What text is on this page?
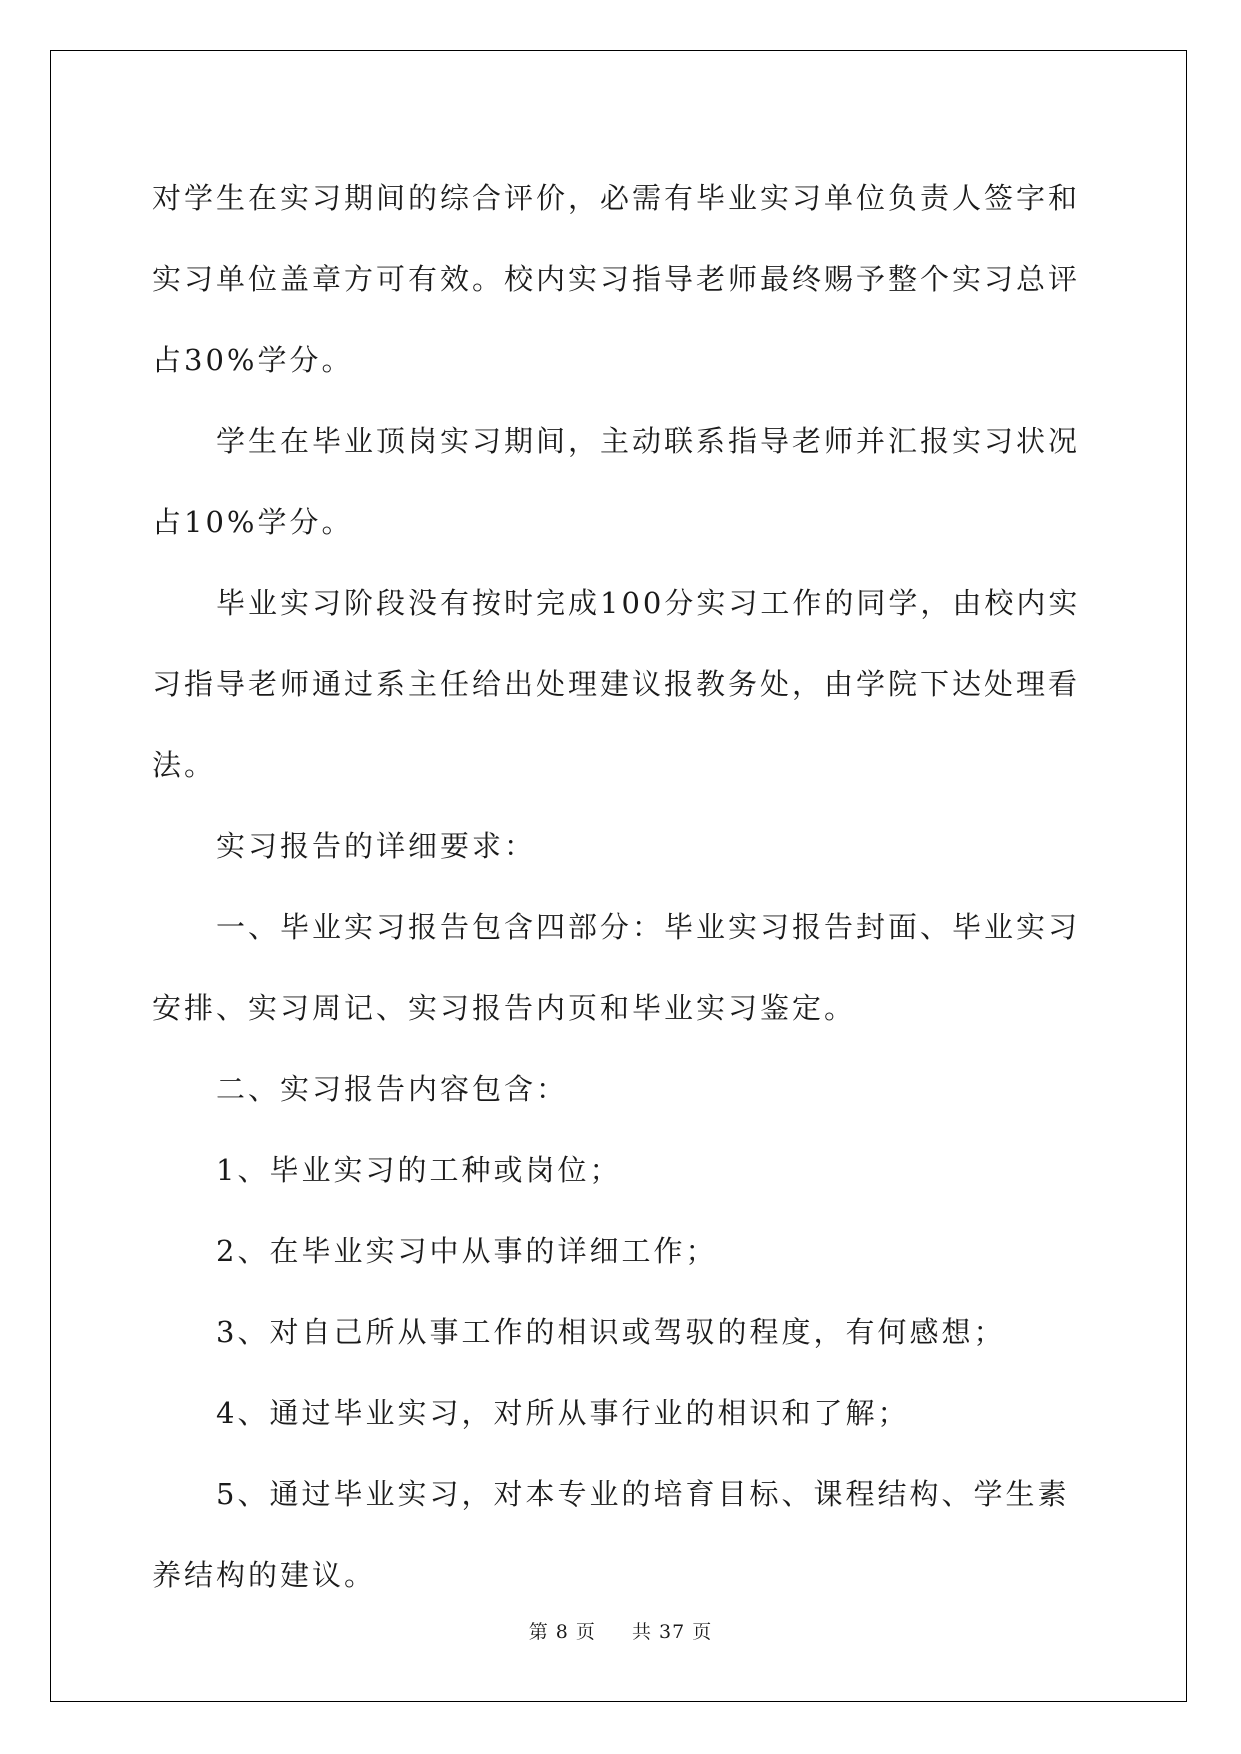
对学生在实习期间的综合评价，必需有毕业实习单位负责人签字和实习单位盖章方可有效。校内实习指导老师最终赐予整个实习总评占30%学分。

学生在毕业顶岗实习期间，主动联系指导老师并汇报实习状况占10%学分。

毕业实习阶段没有按时完成100分实习工作的同学，由校内实习指导老师通过系主任给出处理建议报教务处，由学院下达处理看法。

实习报告的详细要求：

一、毕业实习报告包含四部分：毕业实习报告封面、毕业实习安排、实习周记、实习报告内页和毕业实习鉴定。

二、实习报告内容包含：

1、毕业实习的工种或岗位；

2、在毕业实习中从事的详细工作；

3、对自己所从事工作的相识或驾驭的程度，有何感想；

4、通过毕业实习，对所从事行业的相识和了解；

5、通过毕业实习，对本专业的培育目标、课程结构、学生素养结构的建议。

第 8 页 共 37 页
